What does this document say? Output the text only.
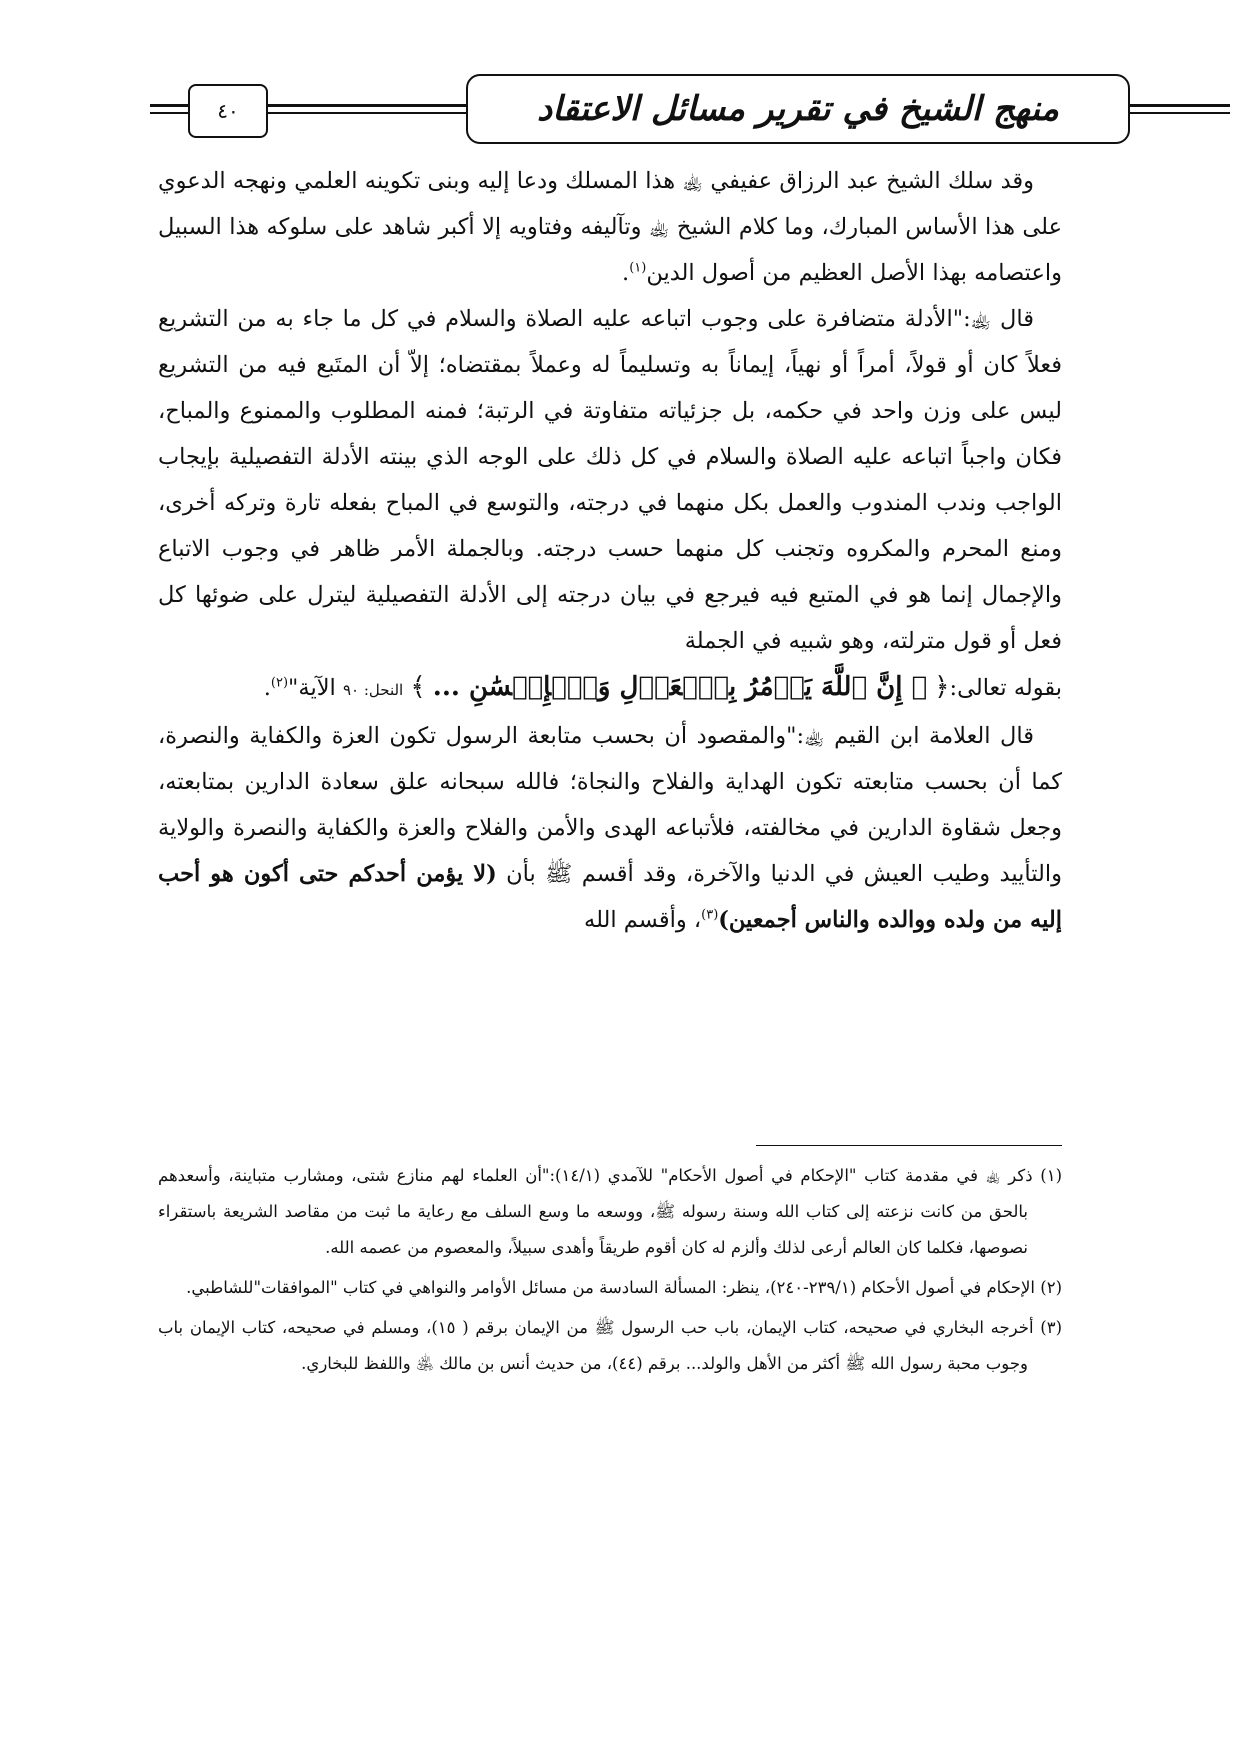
منهج الشيخ في تقرير مسائل الاعتقاد
٤٠

وقد سلك الشيخ عبد الرزاق عفيفي ﵀ هذا المسلك ودعا إليه وبنى تكوينه العلمي ونهجه الدعوي على هذا الأساس المبارك، وما كلام الشيخ ﵀ وتآليفه وفتاويه إلا أكبر شاهد على سلوكه هذا السبيل واعتصامه بهذا الأصل العظيم من أصول الدين$^{(١)}$.

قال ﵀:"الأدلة متضافرة على وجوب اتباعه عليه الصلاة والسلام في كل ما جاء به من التشريع فعلاً كان أو قولاً، أمراً أو نهياً، إيماناً به وتسليماً له وعملاً بمقتضاه؛ إلاّ أن المتَبع فيه من التشريع ليس على وزن واحد في حكمه، بل جزئياته متفاوتة في الرتبة؛ فمنه المطلوب والممنوع والمباح، فكان واجباً اتباعه عليه الصلاة والسلام في كل ذلك على الوجه الذي بينته الأدلة التفصيلية بإيجاب الواجب وندب المندوب والعمل بكل منهما في درجته، والتوسع في المباح بفعله تارة وتركه أخرى، ومنع المحرم والمكروه وتجنب كل منهما حسب درجته. وبالجملة الأمر ظاهر في وجوب الاتباع والإجمال إنما هو في المتبع فيه فيرجع في بيان درجته إلى الأدلة التفصيلية ليترل على ضوئها كل فعل أو قول مترلته، وهو شبيه في الجملة

بقوله تعالى:﴿ ۞ إِنَّ ٱللَّهَ يَأۡمُرُ بِٱلۡعَدۡلِ وَٱلۡإِحۡسَٰنِ ... ﴾ النحل: ٩٠ الآية"$^{(٢)}$.

قال العلامة ابن القيم ﵀:"والمقصود أن بحسب متابعة الرسول تكون العزة والكفاية والنصرة، كما أن بحسب متابعته تكون الهداية والفلاح والنجاة؛ فالله سبحانه علق سعادة الدارين بمتابعته، وجعل شقاوة الدارين في مخالفته، فلأتباعه الهدى والأمن والفلاح والعزة والكفاية والنصرة والولاية والتأييد وطيب العيش في الدنيا والآخرة، وقد أقسم ﷺ بأن (لا يؤمن أحدكم حتى أكون هو أحب إليه من ولده ووالده والناس أجمعين)$^{(٣)}$، وأقسم الله

(١) ذكر ﵀ في مقدمة كتاب "الإحكام في أصول الأحكام" للآمدي (١٤/١):"أن العلماء لهم منازع شتى، ومشارب متباينة، وأسعدهم بالحق من كانت نزعته إلى كتاب الله وسنة رسوله ﷺ، ووسعه ما وسع السلف مع رعاية ما ثبت من مقاصد الشريعة باستقراء نصوصها، فكلما كان العالم أرعى لذلك وألزم له كان أقوم طريقاً وأهدى سبيلاً، والمعصوم من عصمه الله.

(٢) الإحكام في أصول الأحكام (٢٣٩/١-٢٤٠)، ينظر: المسألة السادسة من مسائل الأوامر والنواهي في كتاب "الموافقات"للشاطبي.

(٣) أخرجه البخاري في صحيحه، كتاب الإيمان، باب حب الرسول ﷺ من الإيمان برقم ( ١٥)، ومسلم في صحيحه، كتاب الإيمان باب وجوب محبة رسول الله ﷺ أكثر من الأهل والولد... برقم (٤٤)، من حديث أنس بن مالك ﵁ واللفظ للبخاري.
